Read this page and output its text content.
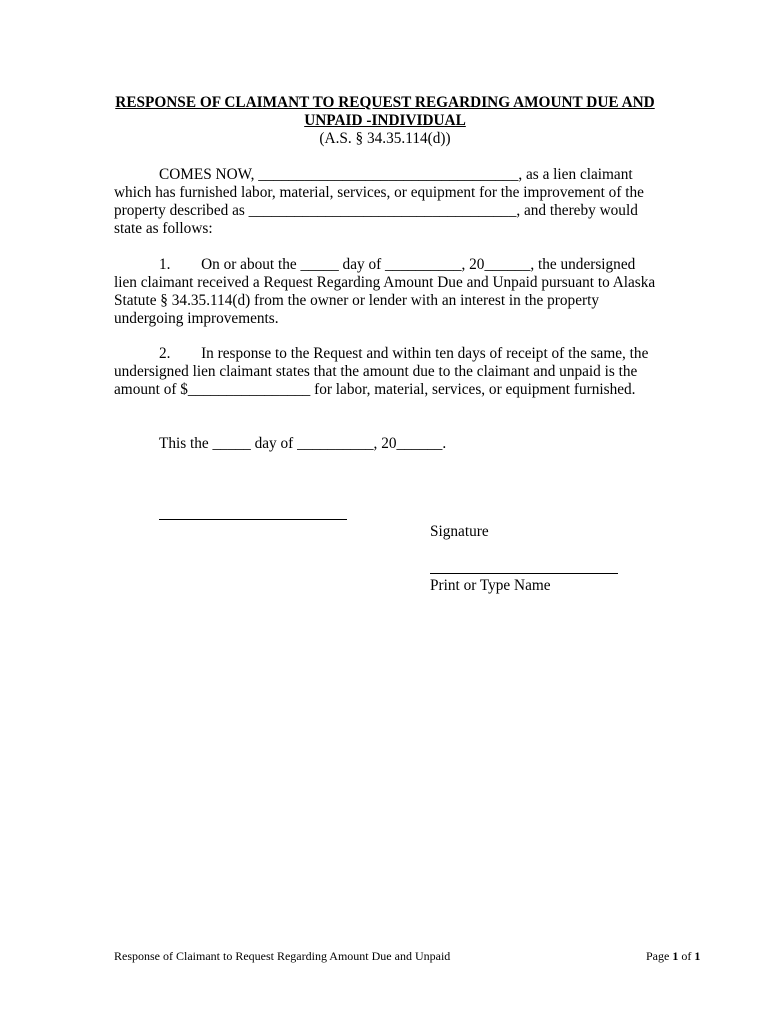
RESPONSE OF CLAIMANT TO REQUEST REGARDING AMOUNT DUE AND
UNPAID -INDIVIDUAL
(A.S. § 34.35.114(d))
COMES NOW, __________________________________, as a lien claimant
which has furnished labor, material, services, or equipment for the improvement of the
property described as ___________________________________, and thereby would
state as follows:
1.        On or about the _____ day of __________, 20______, the undersigned
lien claimant received a Request Regarding Amount Due and Unpaid pursuant to Alaska
Statute § 34.35.114(d) from the owner or lender with an interest in the property
undergoing improvements.
2.        In response to the Request and within ten days of receipt of the same, the
undersigned lien claimant states that the amount due to the claimant and unpaid is the
amount of $________________ for labor, material, services, or equipment furnished.
This the _____ day of __________, 20______.
Signature
Print or Type Name
Response of Claimant to Request Regarding Amount Due and Unpaid	Page 1 of 1
